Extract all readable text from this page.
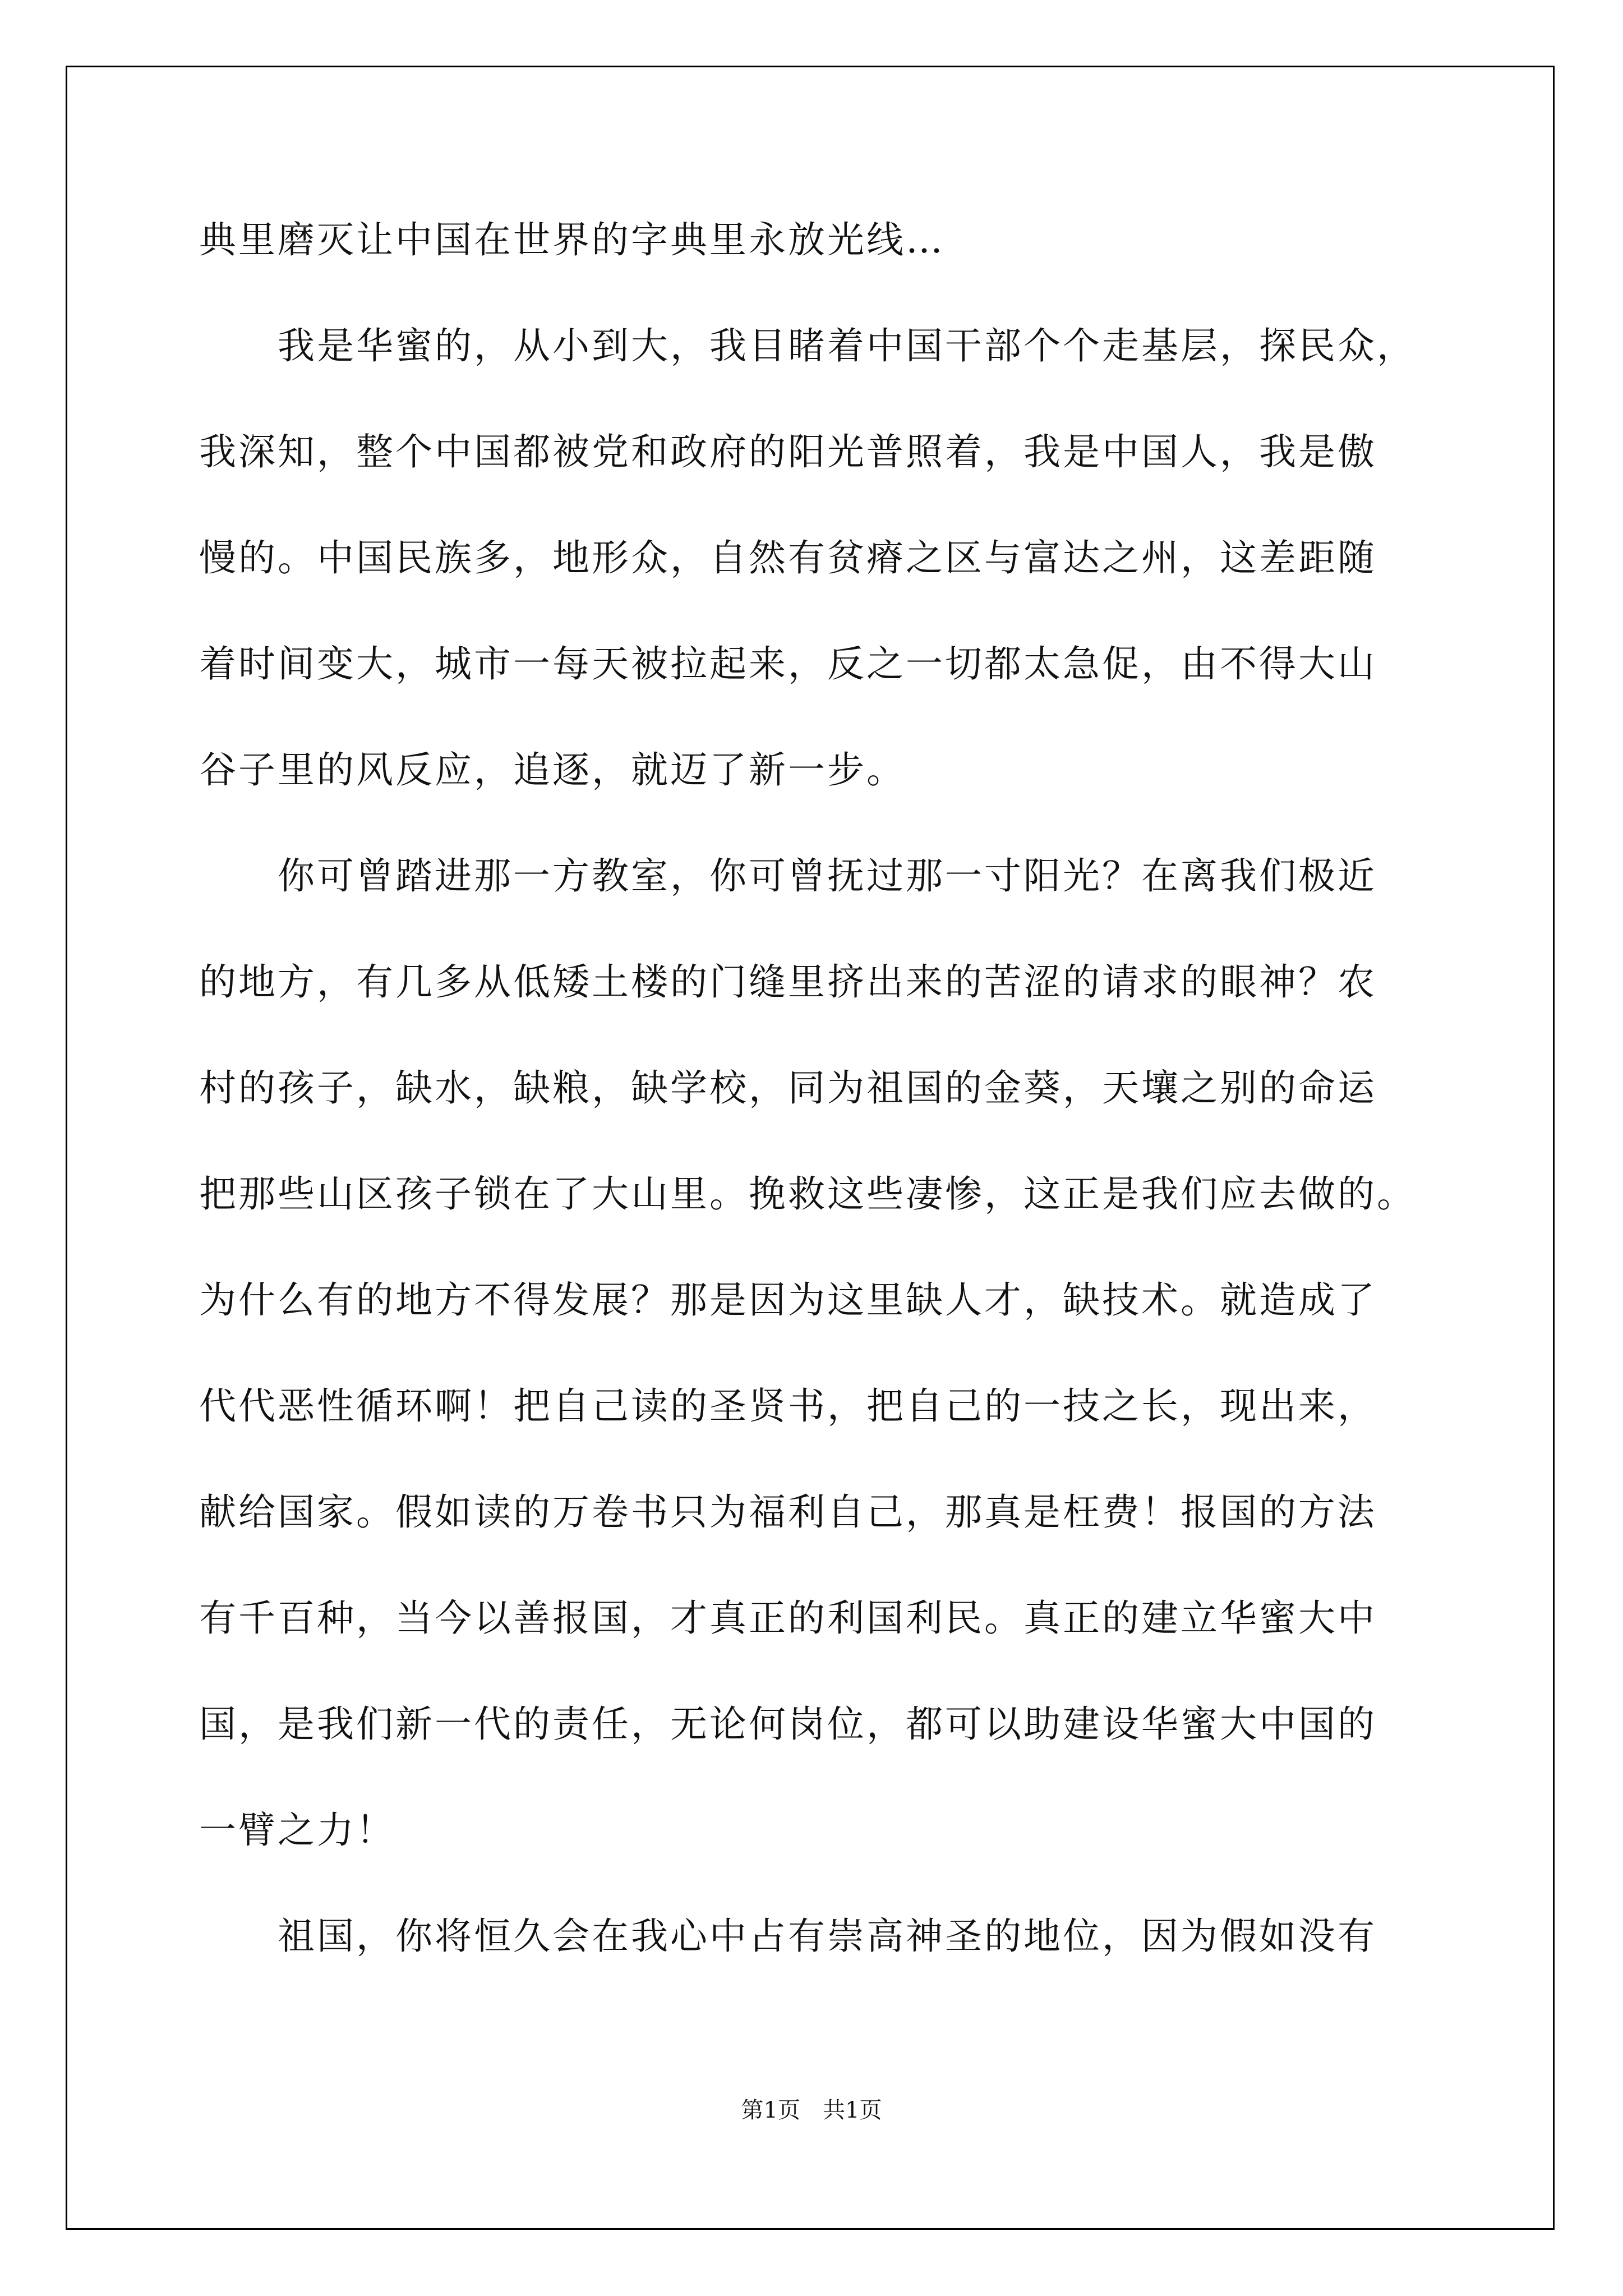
典里磨灭让中国在世界的字典里永放光线…
　　我是华蜜的，从小到大，我目睹着中国干部个个走基层，探民众，
我深知，整个中国都被党和政府的阳光普照着，我是中国人，我是傲
慢的。中国民族多，地形众，自然有贫瘠之区与富达之州，这差距随
着时间变大，城市一每天被拉起来，反之一切都太急促，由不得大山
谷子里的风反应，追逐，就迈了新一步。
　　你可曾踏进那一方教室，你可曾抚过那一寸阳光？在离我们极近
的地方，有几多从低矮土楼的门缝里挤出来的苦涩的请求的眼神？农
村的孩子，缺水，缺粮，缺学校，同为祖国的金葵，天壤之别的命运
把那些山区孩子锁在了大山里。挽救这些凄惨，这正是我们应去做的。
为什么有的地方不得发展？那是因为这里缺人才，缺技术。就造成了
代代恶性循环啊！把自己读的圣贤书，把自己的一技之长，现出来，
献给国家。假如读的万卷书只为福利自己，那真是枉费！报国的方法
有千百种，当今以善报国，才真正的利国利民。真正的建立华蜜大中
国，是我们新一代的责任，无论何岗位，都可以助建设华蜜大中国的
一臂之力！
　　祖国，你将恒久会在我心中占有崇高神圣的地位，因为假如没有
第1页　共1页
